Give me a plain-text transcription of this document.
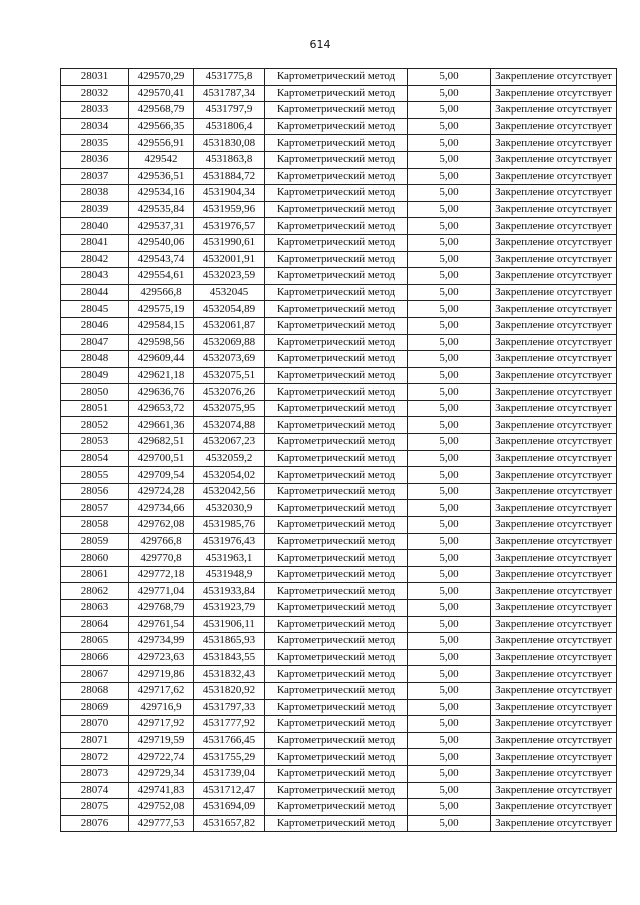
614
28031	429570,29	4531775,8	Картометрический метод	5,00	Закрепление отсутствует
28032	429570,41	4531787,34	Картометрический метод	5,00	Закрепление отсутствует
28033	429568,79	4531797,9	Картометрический метод	5,00	Закрепление отсутствует
28034	429566,35	4531806,4	Картометрический метод	5,00	Закрепление отсутствует
28035	429556,91	4531830,08	Картометрический метод	5,00	Закрепление отсутствует
28036	429542	4531863,8	Картометрический метод	5,00	Закрепление отсутствует
28037	429536,51	4531884,72	Картометрический метод	5,00	Закрепление отсутствует
28038	429534,16	4531904,34	Картометрический метод	5,00	Закрепление отсутствует
28039	429535,84	4531959,96	Картометрический метод	5,00	Закрепление отсутствует
28040	429537,31	4531976,57	Картометрический метод	5,00	Закрепление отсутствует
28041	429540,06	4531990,61	Картометрический метод	5,00	Закрепление отсутствует
28042	429543,74	4532001,91	Картометрический метод	5,00	Закрепление отсутствует
28043	429554,61	4532023,59	Картометрический метод	5,00	Закрепление отсутствует
28044	429566,8	4532045	Картометрический метод	5,00	Закрепление отсутствует
28045	429575,19	4532054,89	Картометрический метод	5,00	Закрепление отсутствует
28046	429584,15	4532061,87	Картометрический метод	5,00	Закрепление отсутствует
28047	429598,56	4532069,88	Картометрический метод	5,00	Закрепление отсутствует
28048	429609,44	4532073,69	Картометрический метод	5,00	Закрепление отсутствует
28049	429621,18	4532075,51	Картометрический метод	5,00	Закрепление отсутствует
28050	429636,76	4532076,26	Картометрический метод	5,00	Закрепление отсутствует
28051	429653,72	4532075,95	Картометрический метод	5,00	Закрепление отсутствует
28052	429661,36	4532074,88	Картометрический метод	5,00	Закрепление отсутствует
28053	429682,51	4532067,23	Картометрический метод	5,00	Закрепление отсутствует
28054	429700,51	4532059,2	Картометрический метод	5,00	Закрепление отсутствует
28055	429709,54	4532054,02	Картометрический метод	5,00	Закрепление отсутствует
28056	429724,28	4532042,56	Картометрический метод	5,00	Закрепление отсутствует
28057	429734,66	4532030,9	Картометрический метод	5,00	Закрепление отсутствует
28058	429762,08	4531985,76	Картометрический метод	5,00	Закрепление отсутствует
28059	429766,8	4531976,43	Картометрический метод	5,00	Закрепление отсутствует
28060	429770,8	4531963,1	Картометрический метод	5,00	Закрепление отсутствует
28061	429772,18	4531948,9	Картометрический метод	5,00	Закрепление отсутствует
28062	429771,04	4531933,84	Картометрический метод	5,00	Закрепление отсутствует
28063	429768,79	4531923,79	Картометрический метод	5,00	Закрепление отсутствует
28064	429761,54	4531906,11	Картометрический метод	5,00	Закрепление отсутствует
28065	429734,99	4531865,93	Картометрический метод	5,00	Закрепление отсутствует
28066	429723,63	4531843,55	Картометрический метод	5,00	Закрепление отсутствует
28067	429719,86	4531832,43	Картометрический метод	5,00	Закрепление отсутствует
28068	429717,62	4531820,92	Картометрический метод	5,00	Закрепление отсутствует
28069	429716,9	4531797,33	Картометрический метод	5,00	Закрепление отсутствует
28070	429717,92	4531777,92	Картометрический метод	5,00	Закрепление отсутствует
28071	429719,59	4531766,45	Картометрический метод	5,00	Закрепление отсутствует
28072	429722,74	4531755,29	Картометрический метод	5,00	Закрепление отсутствует
28073	429729,34	4531739,04	Картометрический метод	5,00	Закрепление отсутствует
28074	429741,83	4531712,47	Картометрический метод	5,00	Закрепление отсутствует
28075	429752,08	4531694,09	Картометрический метод	5,00	Закрепление отсутствует
28076	429777,53	4531657,82	Картометрический метод	5,00	Закрепление отсутствует
